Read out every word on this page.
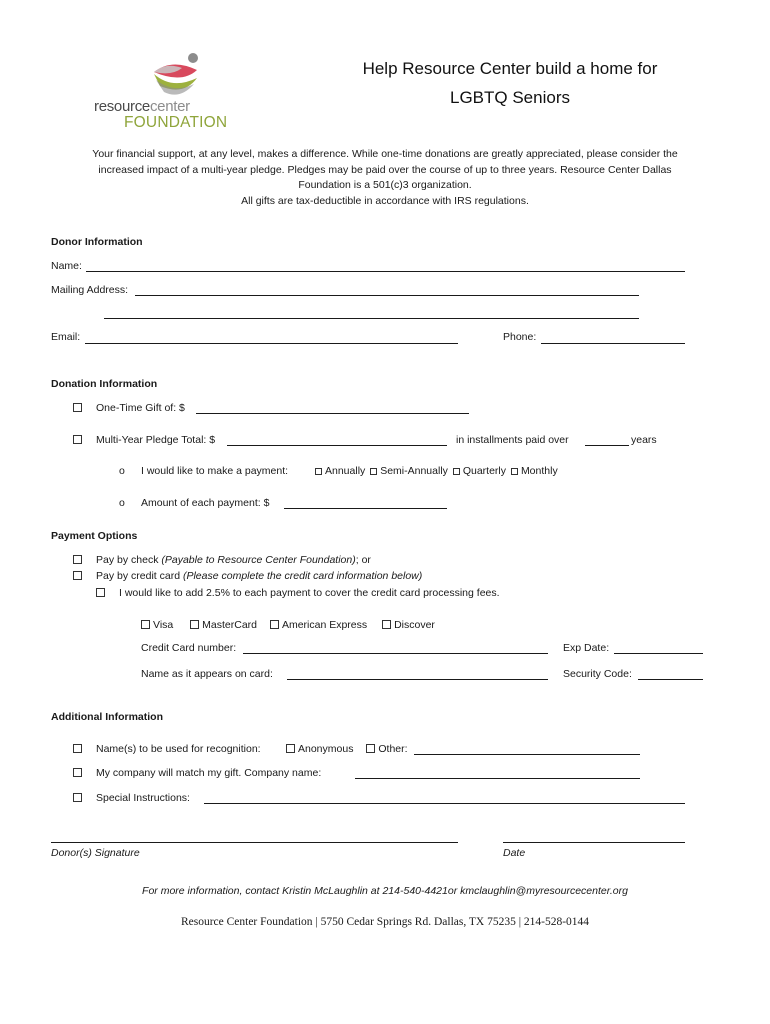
resourcecenter
FOUNDATION
Help Resource Center build a home for
LGBTQ Seniors
Your financial support, at any level, makes a difference. While one-time donations are greatly appreciated, please consider the
increased impact of a multi-year pledge. Pledges may be paid over the course of up to three years. Resource Center Dallas
Foundation is a 501(c)3 organization.
All gifts are tax-deductible in accordance with IRS regulations.
Donor Information
Name:
Mailing Address:
Email:	Phone:
Donation Information
One-Time Gift of: $
Multi-Year Pledge Total: $	in installments paid over	years
o I would like to make a payment:	Annually Semi-Annually Quarterly Monthly
o Amount of each payment: $
Payment Options
Pay by check (Payable to Resource Center Foundation); or
Pay by credit card (Please complete the credit card information below)
I would like to add 2.5% to each payment to cover the credit card processing fees.
Visa	MasterCard American Express	Discover
Credit Card number:	Exp Date:
Name as it appears on card:	Security Code:
Additional Information
Name(s) to be used for recognition:	Anonymous Other:
My company will match my gift. Company name:
Special Instructions:
Donor(s) Signature	Date
For more information, contact Kristin McLaughlin at 214-540-4421or kmclaughlin@myresourcecenter.org
Resource Center Foundation | 5750 Cedar Springs Rd. Dallas, TX 75235 | 214-528-0144
